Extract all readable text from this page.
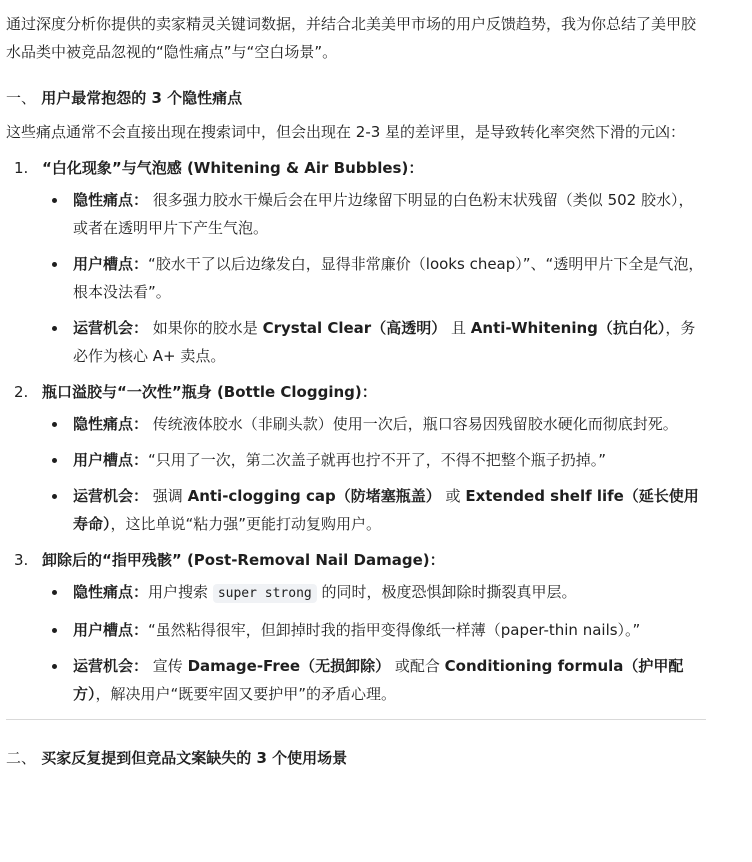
通过深度分析你提供的卖家精灵关键词数据，并结合北美美甲市场的用户反馈趋势，我为你总结了美甲胶水品类中被竞品忽视的“隐性痛点”与“空白场景”。

一、 用户最常抱怨的 3 个隐性痛点

这些痛点通常不会直接出现在搜索词中，但会出现在 2-3 星的差评里，是导致转化率突然下滑的元凶：

1. “白化现象”与气泡感 (Whitening & Air Bubbles)：

隐性痛点： 很多强力胶水干燥后会在甲片边缘留下明显的白色粉末状残留（类似 502 胶水），或者在透明甲片下产生气泡。
用户槽点：“胶水干了以后边缘发白，显得非常廉价（looks cheap）”、“透明甲片下全是气泡，根本没法看”。
运营机会： 如果你的胶水是 Crystal Clear（高透明） 且 Anti-Whitening（抗白化），务必作为核心 A+ 卖点。
2. 瓶口溢胶与“一次性”瓶身 (Bottle Clogging)：

隐性痛点： 传统液体胶水（非刷头款）使用一次后，瓶口容易因残留胶水硬化而彻底封死。
用户槽点：“只用了一次，第二次盖子就再也拧不开了，不得不把整个瓶子扔掉。”
运营机会： 强调 Anti-clogging cap（防堵塞瓶盖） 或 Extended shelf life（延长使用寿命），这比单说“粘力强”更能打动复购用户。
3. 卸除后的“指甲残骸” (Post-Removal Nail Damage)：

隐性痛点：用户搜索 super strong 的同时，极度恐惧卸除时撕裂真甲层。
用户槽点：“虽然粘得很牢，但卸掉时我的指甲变得像纸一样薄（paper-thin nails）。”
运营机会： 宣传 Damage-Free（无损卸除） 或配合 Conditioning formula（护甲配方），解决用户“既要牢固又要护甲”的矛盾心理。

二、 买家反复提到但竞品文案缺失的 3 个使用场景
